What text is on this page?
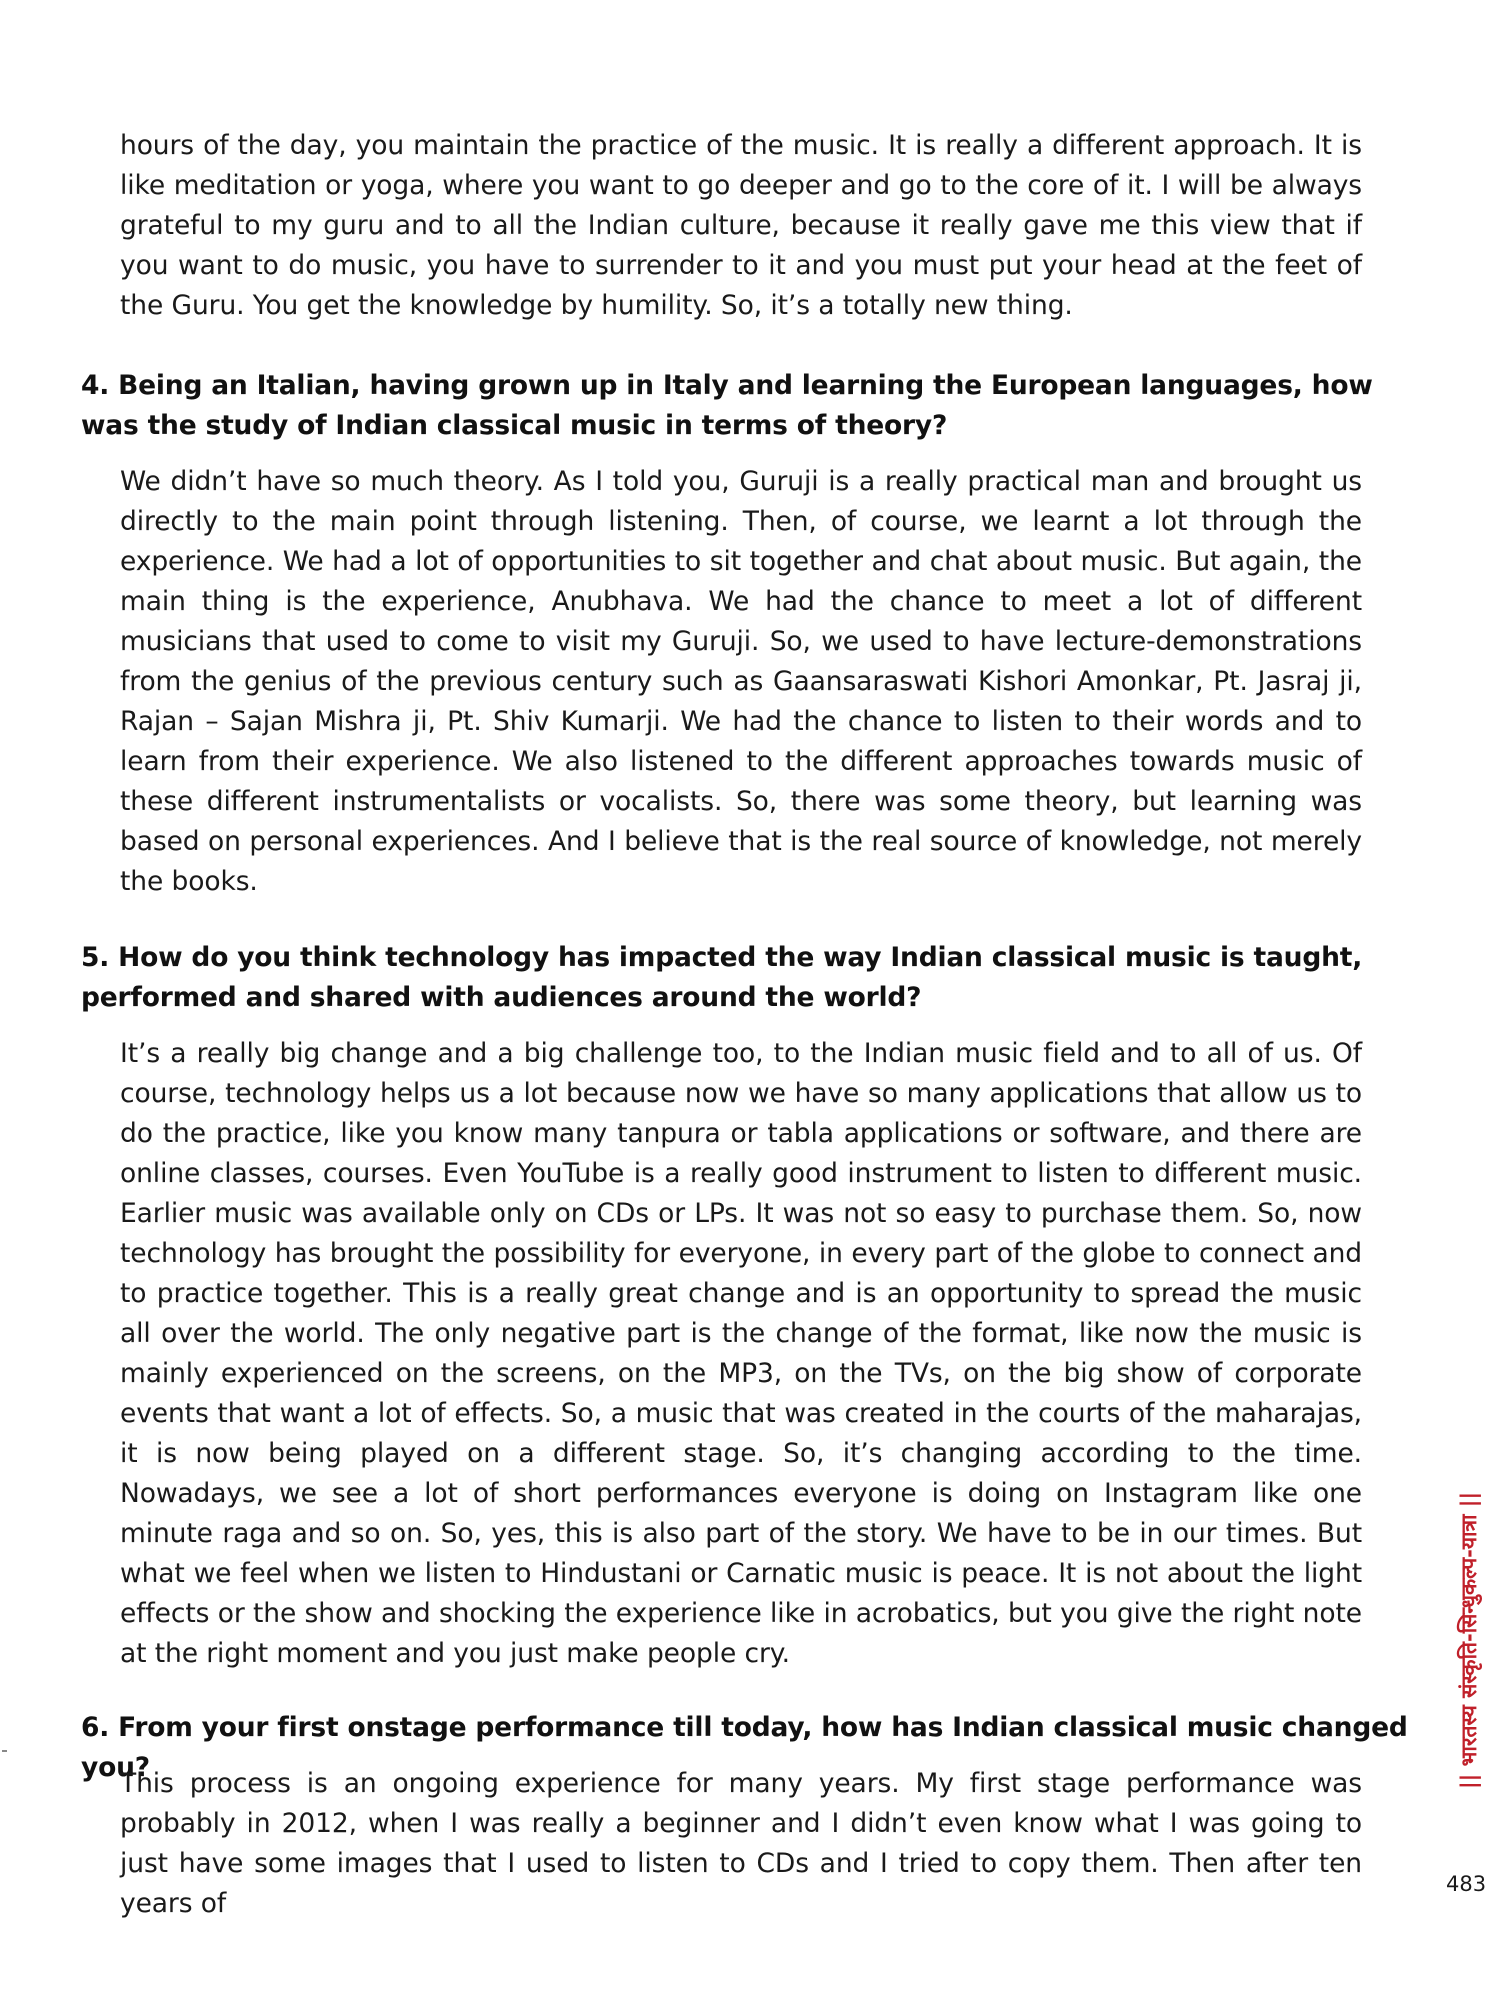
hours of the day, you maintain the practice of the music. It is really a different approach. It is like meditation or yoga, where you want to go deeper and go to the core of it. I will be always grateful to my guru and to all the Indian culture, because it really gave me this view that if you want to do music, you have to surrender to it and you must put your head at the feet of the Guru. You get the knowledge by humility. So, it’s a totally new thing.

4. Being an Italian, having grown up in Italy and learning the European languages, how was the study of Indian classical music in terms of theory?

We didn’t have so much theory. As I told you, Guruji is a really practical man and brought us directly to the main point through listening. Then, of course, we learnt a lot through the experience. We had a lot of opportunities to sit together and chat about music. But again, the main thing is the experience, Anubhava. We had the chance to meet a lot of different musicians that used to come to visit my Guruji. So, we used to have lecture-demonstrations from the genius of the previous century such as Gaansaraswati Kishori Amonkar, Pt. Jasraj ji, Rajan – Sajan Mishra ji, Pt. Shiv Kumarji. We had the chance to listen to their words and to learn from their experience. We also listened to the different approaches towards music of these different instrumentalists or vocalists. So, there was some theory, but learning was based on personal experiences. And I believe that is the real source of knowledge, not merely the books.

5. How do you think technology has impacted the way Indian classical music is taught, performed and shared with audiences around the world?

It’s a really big change and a big challenge too, to the Indian music field and to all of us. Of course, technology helps us a lot because now we have so many applications that allow us to do the practice, like you know many tanpura or tabla applications or software, and there are online classes, courses. Even YouTube is a really good instrument to listen to different music. Earlier music was available only on CDs or LPs. It was not so easy to purchase them. So, now technology has brought the possibility for everyone, in every part of the globe to connect and to practice together. This is a really great change and is an opportunity to spread the music all over the world. The only negative part is the change of the format, like now the music is mainly experienced on the screens, on the MP3, on the TVs, on the big show of corporate events that want a lot of effects. So, a music that was created in the courts of the maharajas, it is now being played on a different stage. So, it’s changing according to the time. Nowadays, we see a lot of short performances everyone is doing on Instagram like one minute raga and so on. So, yes, this is also part of the story. We have to be in our times. But what we feel when we listen to Hindustani or Carnatic music is peace. It is not about the light effects or the show and shocking the experience like in acrobatics, but you give the right note at the right moment and you just make people cry.

6. From your first onstage performance till today, how has Indian classical music changed you?

This process is an ongoing experience for many years. My first stage performance was probably in 2012, when I was really a beginner and I didn’t even know what I was going to just have some images that I used to listen to CDs and I tried to copy them. Then after ten years of

|| भारतस्य संस्कृति-सिन्धुकल्प-यात्रा ||
483
